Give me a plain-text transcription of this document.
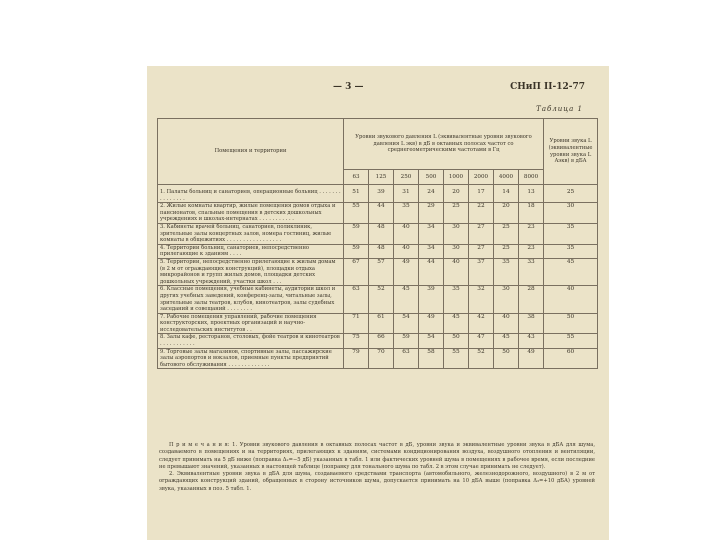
— 3 —	СНиП II-12-77
Таблица 1
Помещения и территории	Уровни звукового давления L (эквивалентные уровни звукового давления L экв) в дБ в октавных полосах частот со среднегеометрическими частотами в Гц								Уровни звука L (эквивалентные уровни звука L Aэкв) в дБА
	63	125	250	500	1000	2000	4000	8000	
1. Палаты больниц и санаториев, операционные больниц . . . . . . . . . . . . . . .	51	39	31	24	20	17	14	13	25
2. Жилые комнаты квартир, жилые помещения домов отдыха и пансионатов, спальные помещения в детских дошкольных учреждениях и школах-интернатах . . . . . . . . . . .	55	44	35	29	25	22	20	18	30
3. Кабинеты врачей больниц, санаториев, поликлиник, зрительные залы концертных залов, номера гостиниц, жилые комнаты в общежитиях . . . . . . . . . . . . . . . . .	59	48	40	34	30	27	25	23	35
4. Территории больниц, санаториев, непосредственно прилегающие к зданиям . . . .	59	48	40	34	30	27	25	23	35
5. Территории, непосредственно прилегающие к жилым домам (в 2 м от ограждающих конструкций), площадки отдыха микрорайонов и групп жилых домов, площадки детских дошкольных учреждений, участки школ . . .	67	57	49	44	40	37	35	33	45
6. Классные помещения, учебные кабинеты, аудитории школ и других учебных заведений, конференц-залы, читальные залы, зрительные залы театров, клубов, кинотеатров, залы судебных заседаний и совещаний . . . . . . . .	63	52	45	39	35	32	30	28	40
7. Рабочие помещения управлений, рабочие помещения конструкторских, проектных организаций и научно-исследовательских институтов . .	71	61	54	49	45	42	40	38	50
8. Залы кафе, ресторанов, столовых, фойе театров и кинотеатров . . . . . . . . . . .	75	66	59	54	50	47	45	43	55
9. Торговые залы магазинов, спортивные залы, пассажирские залы аэропортов и вокзалов, приемные пункты предприятий бытового обслуживания . . . . . . . . . . . . .	79	70	63	58	55	52	50	49	60

П р и м е ч а н и я: 1. Уровни звукового давления в октавных полосах частот в дБ, уровни звука и эквивалентные уровни звука в дБА для шума, создаваемого в помещениях и на территориях, прилегающих к зданиям, системами кондиционирования воздуха, воздушного отопления и вентиляции, следует принимать на 5 дБ ниже (поправка Δ₂=−5 дБ) указанных в табл. 1 или фактических уровней шума в помещениях в рабочее время, если последние не превышают значений, указанных в настоящей таблице (поправку для тонального шума по табл. 2 в этом случае принимать не следует).

2. Эквивалентные уровни звука в дБА для шума, создаваемого средствами транспорта (автомобильного, железнодорожного, воздушного) в 2 м от ограждающих конструкций зданий, обращенных в сторону источников шума, допускается принимать на 10 дБА выше (поправка Δ₃=+10 дБА) уровней звука, указанных в поз. 5 табл. 1.
